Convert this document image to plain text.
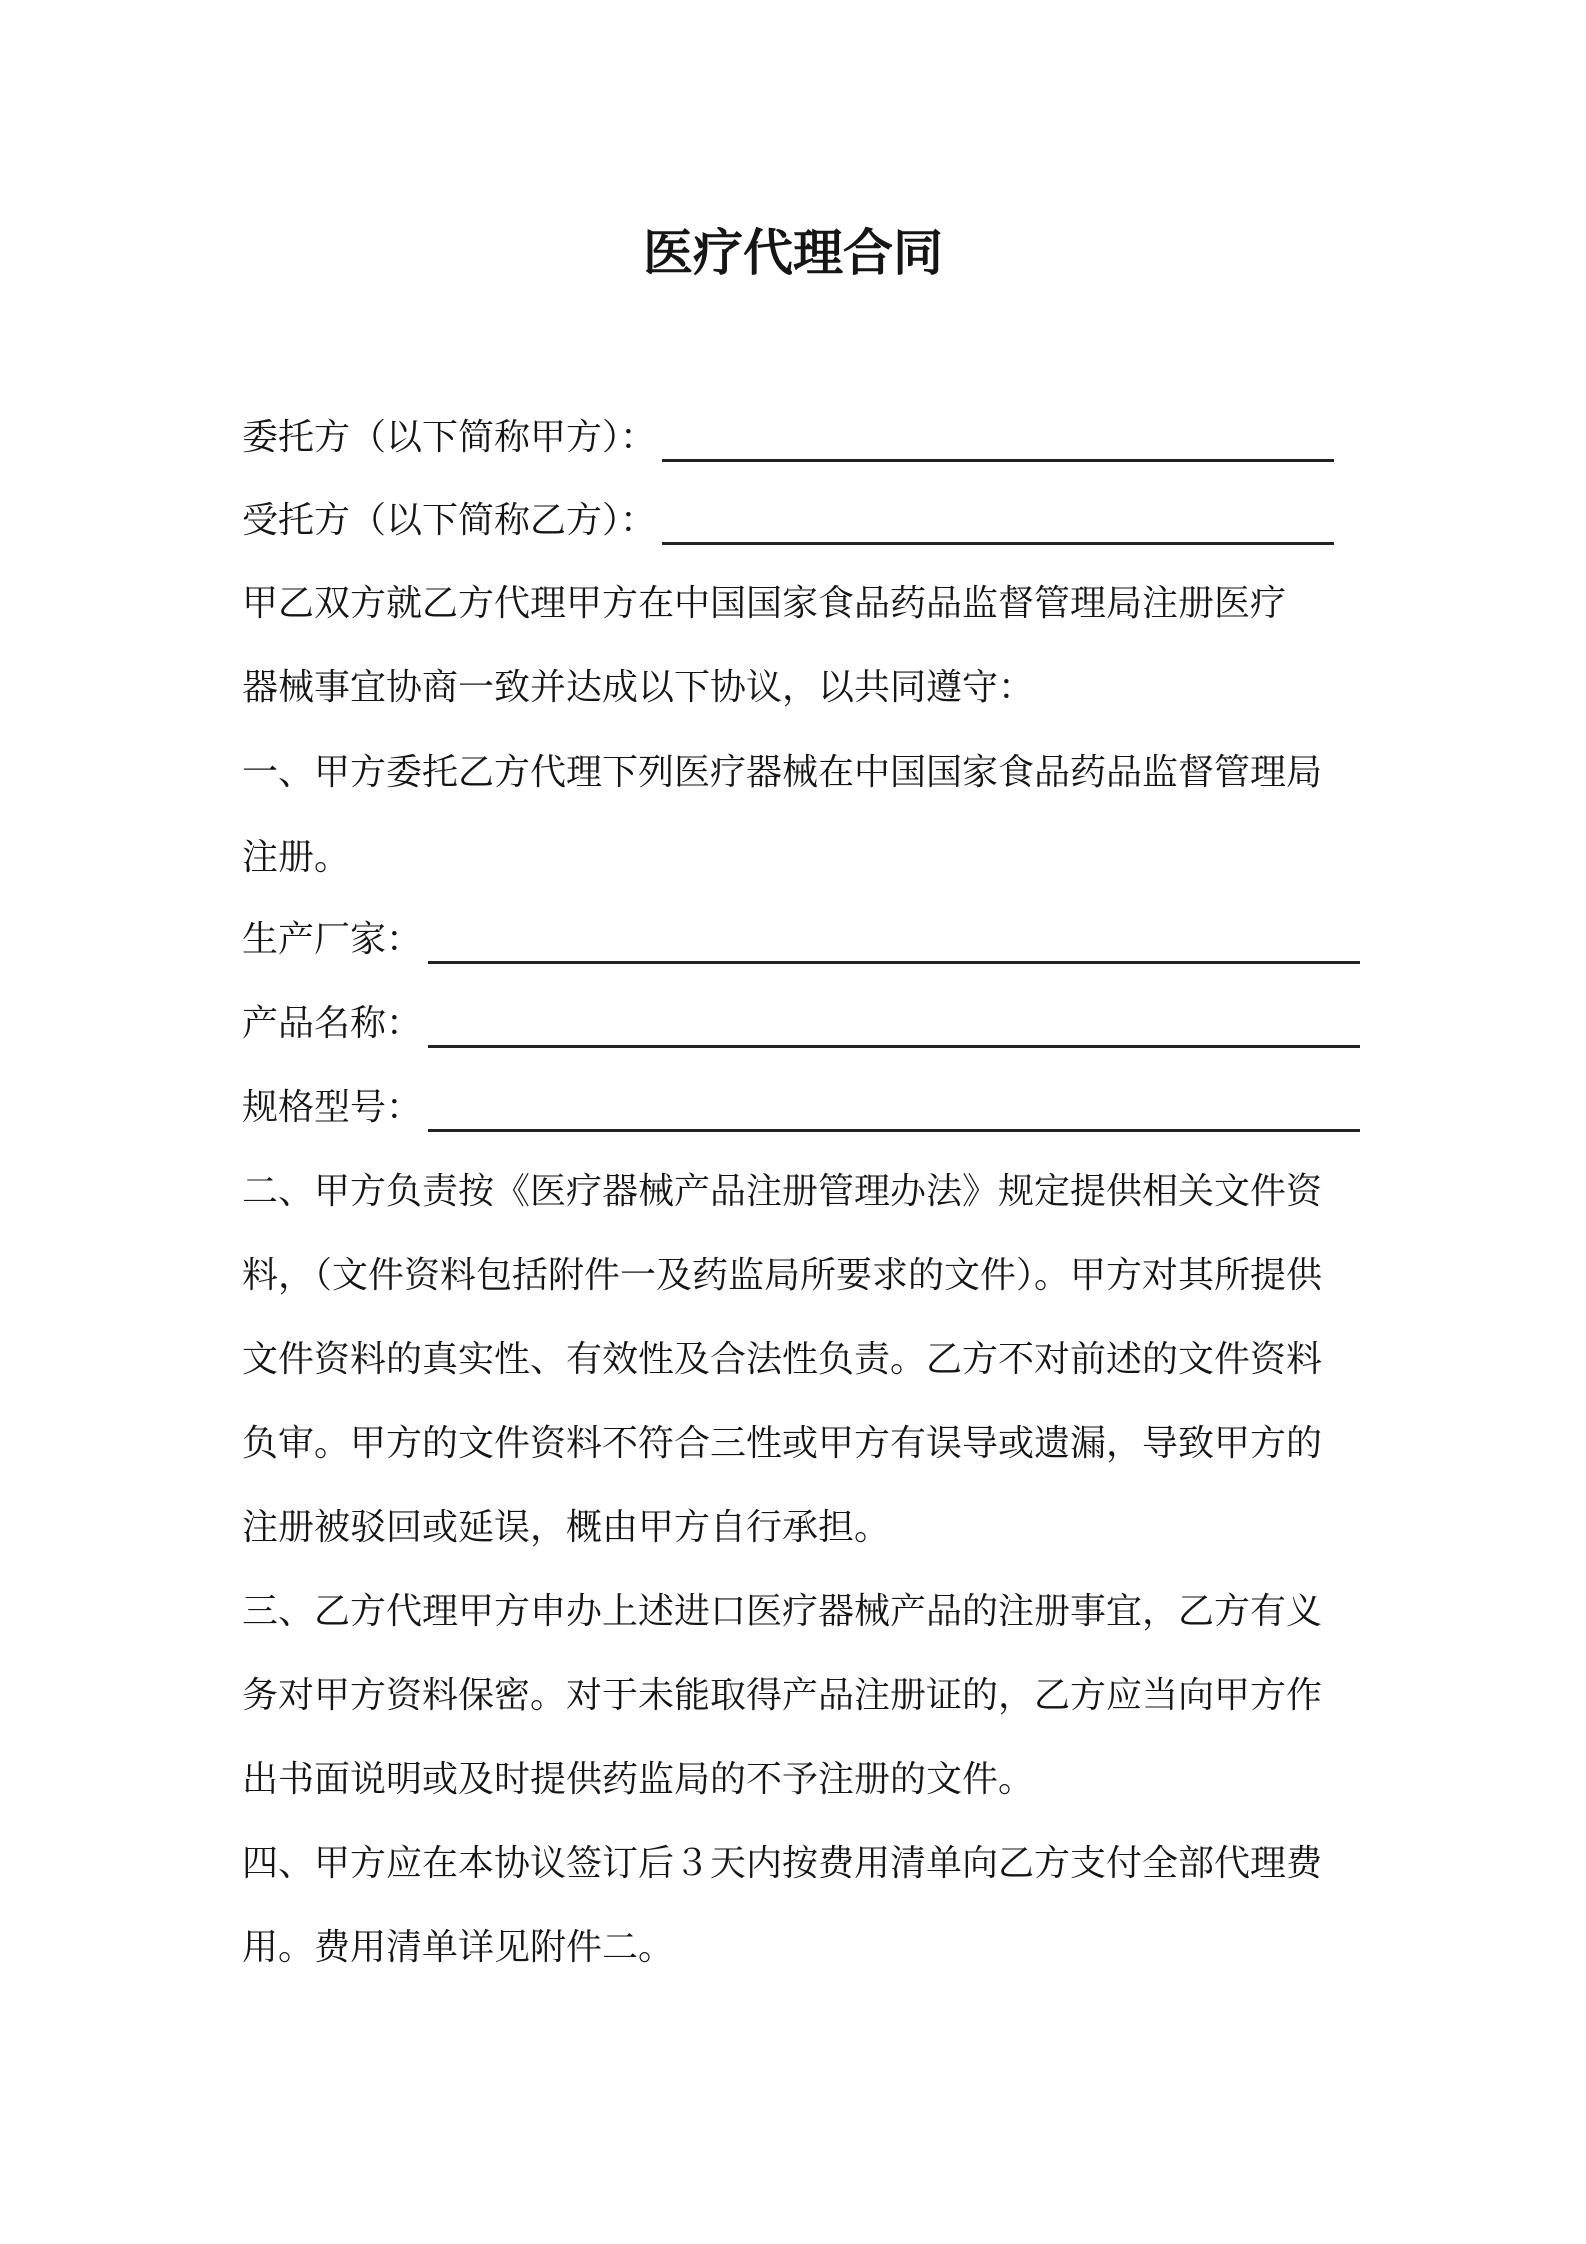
医疗代理合同
委托方（以下简称甲方）：
受托方（以下简称乙方）：
甲乙双方就乙方代理甲方在中国国家食品药品监督管理局注册医疗
器械事宜协商一致并达成以下协议，以共同遵守：
一、甲方委托乙方代理下列医疗器械在中国国家食品药品监督管理局
注册。
生产厂家：
产品名称：
规格型号：
二、甲方负责按《医疗器械产品注册管理办法》规定提供相关文件资
料，（文件资料包括附件一及药监局所要求的文件）。甲方对其所提供
文件资料的真实性、有效性及合法性负责。乙方不对前述的文件资料
负审。甲方的文件资料不符合三性或甲方有误导或遗漏，导致甲方的
注册被驳回或延误，概由甲方自行承担。
三、乙方代理甲方申办上述进口医疗器械产品的注册事宜，乙方有义
务对甲方资料保密。对于未能取得产品注册证的，乙方应当向甲方作
出书面说明或及时提供药监局的不予注册的文件。
四、甲方应在本协议签订后３天内按费用清单向乙方支付全部代理费
用。费用清单详见附件二。
